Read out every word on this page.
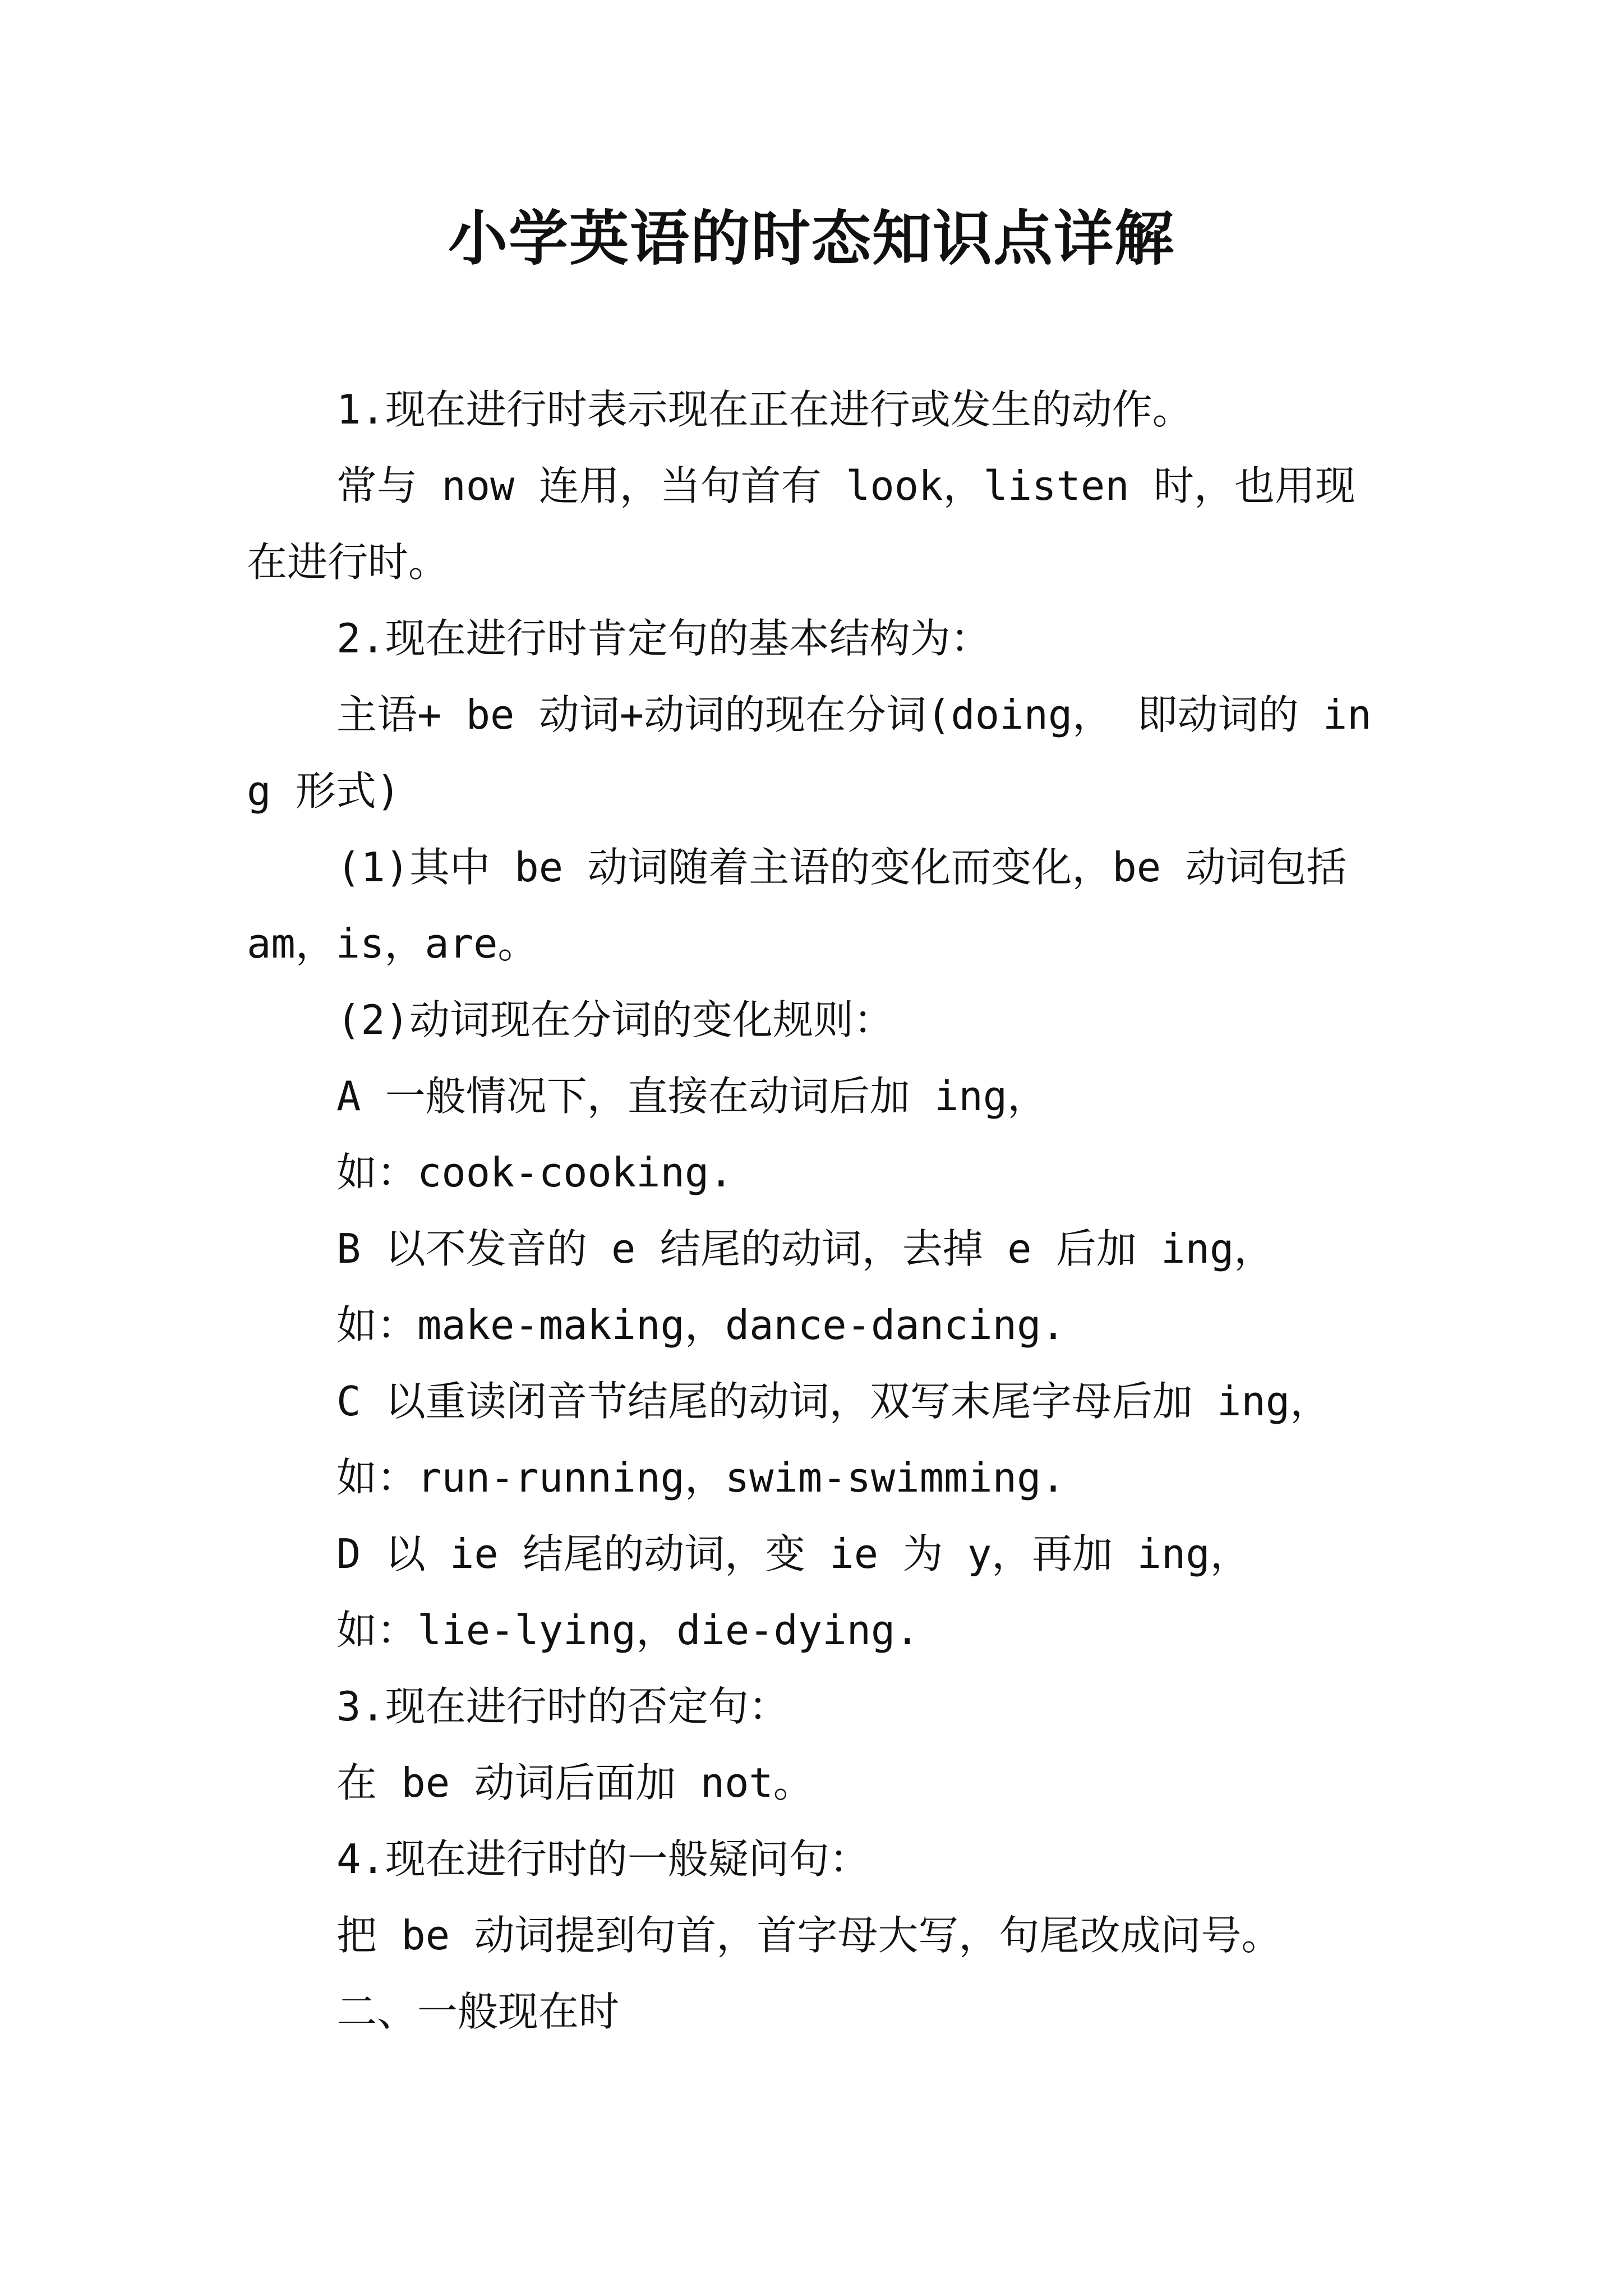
小学英语的时态知识点详解

1.现在进行时表示现在正在进行或发生的动作。

常与 now 连用，当句首有 look，listen 时，也用现在进行时。

2.现在进行时肯定句的基本结构为：

主语+ be 动词+动词的现在分词(doing， 即动词的 ing 形式)

(1)其中 be 动词随着主语的变化而变化，be 动词包括 am，is，are。

(2)动词现在分词的变化规则：

A 一般情况下，直接在动词后加 ing，

如：cook-cooking.

B 以不发音的 e 结尾的动词，去掉 e 后加 ing，

如：make-making，dance-dancing.

C 以重读闭音节结尾的动词，双写末尾字母后加 ing，

如：run-running，swim-swimming.

D 以 ie 结尾的动词，变 ie 为 y，再加 ing，

如：lie-lying，die-dying.

3.现在进行时的否定句：

在 be 动词后面加 not。

4.现在进行时的一般疑问句：

把 be 动词提到句首，首字母大写，句尾改成问号。

二、一般现在时
